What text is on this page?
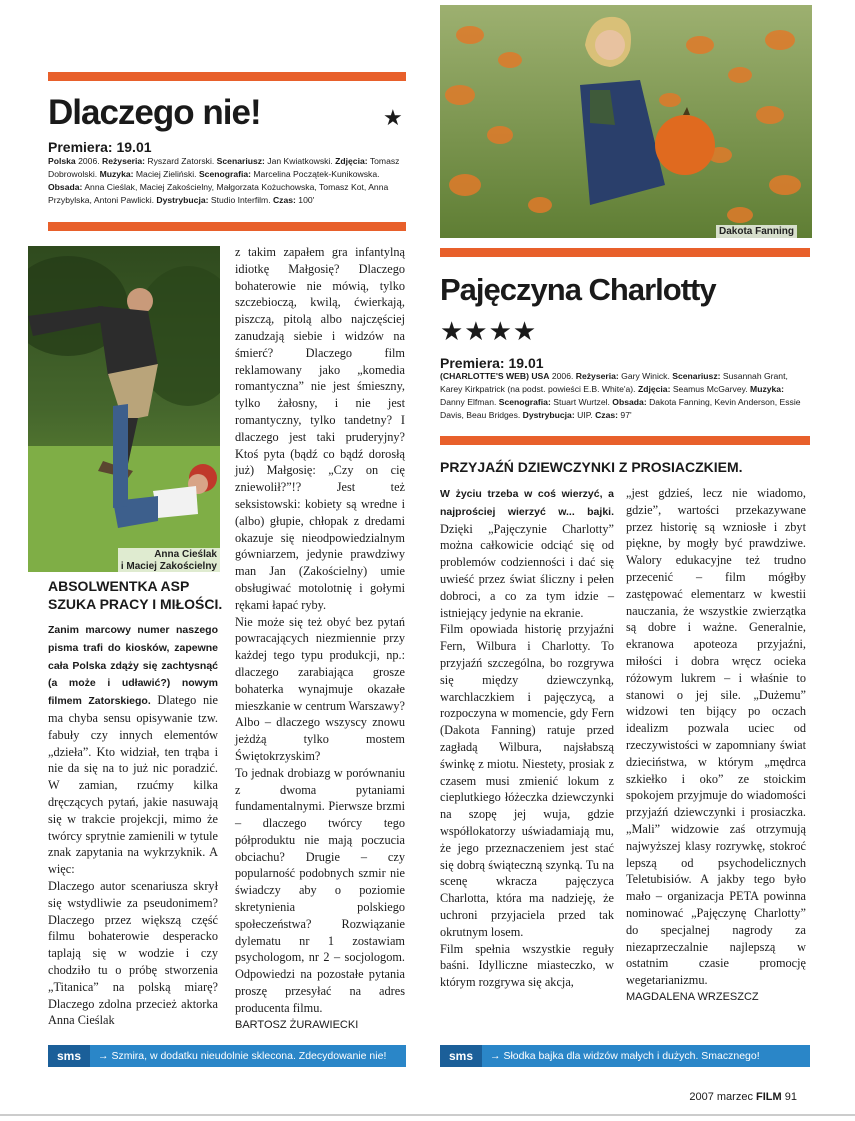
Dlaczego nie!	★
Premiera: 19.01
Polska 2006. Reżyseria: Ryszard Zatorski. Scenariusz: Jan Kwiatkowski. Zdjęcia: Tomasz Dobrowolski. Muzyka: Maciej Zieliński. Scenografia: Marcelina Początek-Kunikowska. Obsada: Anna Cieślak, Maciej Zakościelny, Małgorzata Kożuchowska, Tomasz Kot, Anna Przybylska, Antoni Pawlicki. Dystrybucja: Studio Interfilm. Czas: 100'
Anna Cieślak
i Maciej Zakościelny
ABSOLWENTKA ASP SZUKA PRACY I MIŁOŚCI.

Zanim marcowy numer naszego pisma trafi do kiosków, zapewne cała Polska zdąży się zachtysnąć (a może i udławić?) nowym filmem Zatorskiego. Dlatego nie ma chyba sensu opisywanie tzw. fabuły czy innych elementów „dzieła”. Kto widział, ten trąba i nie da się na to już nic poradzić. W zamian, rzućmy kilka dręczących pytań, jakie nasuwają się w trakcie projekcji, mimo że twórcy sprytnie zamienili w tytule znak zapytania na wykrzyknik. A więc:

Dlaczego autor scenariusza skrył się wstydliwie za pseudonimem? Dlaczego przez większą część filmu bohaterowie desperacko taplają się w wodzie i czy chodziło tu o próbę stworzenia „Titanica” na polską miarę? Dlaczego zdolna przecież aktorka Anna Cieślak

z takim zapałem gra infantylną idiotkę Małgosię? Dlaczego bohaterowie nie mówią, tylko szczebioczą, kwilą, ćwierkają, piszczą, pitolą albo najczęściej zanudzają siebie i widzów na śmierć? Dlaczego film reklamowany jako „komedia romantyczna” nie jest śmieszny, tylko żałosny, i nie jest romantyczny, tylko tandetny? I dlaczego jest taki pruderyjny? Ktoś pyta (bądź co bądź dorosłą już) Małgosię: „Czy on cię zniewolił?”!? Jest też seksistowski: kobiety są wredne i (albo) głupie, chłopak z dredami okazuje się nieodpowiedzialnym gówniarzem, jedynie prawdziwy man Jan (Zakościelny) umie obsługiwać motolotnię i gołymi rękami łapać ryby.

Nie może się też obyć bez pytań powracających niezmiennie przy każdej tego typu produkcji, np.: dlaczego zarabiająca grosze bohaterka wynajmuje okazałe mieszkanie w centrum Warszawy? Albo – dlaczego wszyscy znowu jeżdżą tylko mostem Świętokrzyskim?

To jednak drobiazg w porównaniu z dwoma pytaniami fundamentalnymi. Pierwsze brzmi – dlaczego twórcy tego półproduktu nie mają poczucia obciachu? Drugie – czy popularność podobnych szmir nie świadczy aby o poziomie skretynienia polskiego społeczeństwa? Rozwiązanie dylematu nr 1 zostawiam psychologom, nr 2 – socjologom. Odpowiedzi na pozostałe pytania proszę przesyłać na adres producenta filmu.

BARTOSZ ŻURAWIECKI

sms	→ Szmira, w dodatku nieudolnie sklecona. Zdecydowanie nie!
Dakota Fanning
Pajęczyna Charlotty
★★★★
Premiera: 19.01
(CHARLOTTE'S WEB) USA 2006. Reżyseria: Gary Winick. Scenariusz: Susannah Grant, Karey Kirkpatrick (na podst. powieści E.B. White'a). Zdjęcia: Seamus McGarvey. Muzyka: Danny Elfman. Scenografia: Stuart Wurtzel. Obsada: Dakota Fanning, Kevin Anderson, Essie Davis, Beau Bridges. Dystrybucja: UIP. Czas: 97'
PRZYJAŹŃ DZIEWCZYNKI Z PROSIACZKIEM.

W życiu trzeba w coś wierzyć, a najprościej wierzyć w... bajki. Dzięki „Pajęczynie Charlotty” można całkowicie odciąć się od problemów codzienności i dać się uwieść przez świat śliczny i pełen dobroci, a co za tym idzie – istniejący jedynie na ekranie.

Film opowiada historię przyjaźni Fern, Wilbura i Charlotty. To przyjaźń szczególna, bo rozgrywa się między dziewczynką, warchlaczkiem i pajęczycą, a rozpoczyna w momencie, gdy Fern (Dakota Fanning) ratuje przed zagładą Wilbura, najsłabszą świnkę z miotu. Niestety, prosiak z czasem musi zmienić lokum z cieplutkiego łóżeczka dziewczynki na szopę jej wuja, gdzie współlokatorzy uświadamiają mu, że jego przeznaczeniem jest stać się dobrą świąteczną szynką. Tu na scenę wkracza pajęczyca Charlotta, która ma nadzieję, że uchroni przyjaciela przed tak okrutnym losem.

Film spełnia wszystkie reguły baśni. Idylliczne miasteczko, w którym rozgrywa się akcja,

„jest gdzieś, lecz nie wiadomo, gdzie”, wartości przekazywane przez historię są wzniosłe i zbyt piękne, by mogły być prawdziwe. Walory edukacyjne też trudno przecenić – film mógłby zastępować elementarz w kwestii nauczania, że wszystkie zwierzątka są dobre i ważne. Generalnie, ekranowa apoteoza przyjaźni, miłości i dobra wręcz ocieka różowym lukrem – i właśnie to stanowi o jej sile. „Dużemu” widzowi ten bijący po oczach idealizm pozwala uciec od rzeczywistości w zapomniany świat dzieciństwa, w którym „mędrca szkiełko i oko” ze stoickim spokojem przyjmuje do wiadomości przyjaźń dziewczynki i prosiaczka. „Mali” widzowie zaś otrzymują najwyższej klasy rozrywkę, stokroć lepszą od psychodelicznych Teletubisiów. A jakby tego było mało – organizacja PETA powinna nominować „Pajęczynę Charlotty” do specjalnej nagrody za niezaprzeczalnie najlepszą w ostatnim czasie promocję wegetarianizmu.

MAGDALENA WRZESZCZ

sms	→ Słodka bajka dla widzów małych i dużych. Smacznego!
2007 marzec FILM 91
